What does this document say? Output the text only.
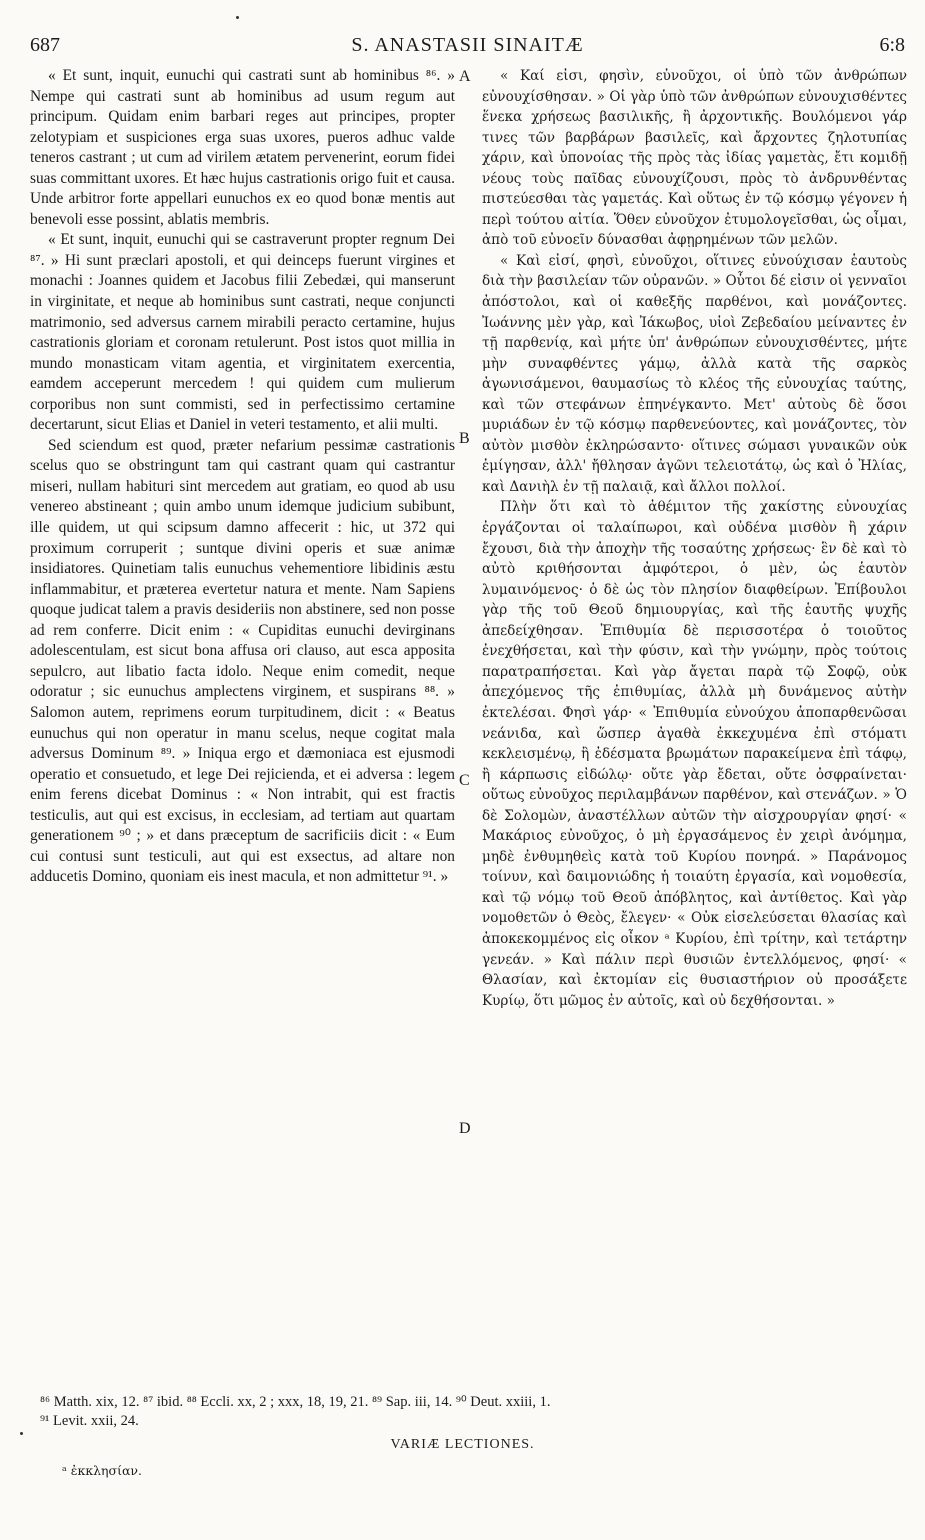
687	S. ANASTASII SINAITÆ	6:8

« Et sunt, inquit, eunuchi qui castrati sunt ab hominibus ⁸⁶. » Nempe qui castrati sunt ab hominibus ad usum regum aut principum. Quidam enim barbari reges aut principes, propter zelotypiam et suspiciones erga suas uxores, pueros adhuc valde teneros castrant ; ut cum ad virilem ætatem pervenerint, eorum fidei suas committant uxores. Et hæc hujus castrationis origo fuit et causa. Unde arbitror forte appellari eunuchos ex eo quod bonæ mentis aut benevoli esse possint, ablatis membris.

« Et sunt, inquit, eunuchi qui se castraverunt propter regnum Dei ⁸⁷. » Hi sunt præclari apostoli, et qui deinceps fuerunt virgines et monachi : Joannes quidem et Jacobus filii Zebedæi, qui manserunt in virginitate, et neque ab hominibus sunt castrati, neque conjuncti matrimonio, sed adversus carnem mirabili peracto certamine, hujus castrationis gloriam et coronam retulerunt. Post istos quot millia in mundo monasticam vitam agentia, et virginitatem exercentia, eamdem acceperunt mercedem ! qui quidem cum mulierum corporibus non sunt commisti, sed in perfectissimo certamine decertarunt, sicut Elias et Daniel in veteri testamento, et alii multi.

Sed sciendum est quod, præter nefarium pessimæ castrationis scelus quo se obstringunt tam qui castrant quam qui castrantur miseri, nullam habituri sint mercedem aut gratiam, eo quod ab usu venereo abstineant ; quin ambo unum idemque judicium subibunt, ille quidem, ut qui scipsum damno affecerit : hic, ut 372 qui proximum corruperit ; suntque divini operis et suæ animæ insidiatores. Quinetiam talis eunuchus vehementiore libidinis æstu inflammabitur, et præterea evertetur natura et mente. Nam Sapiens quoque judicat talem a pravis desideriis non abstinere, sed non posse ad rem conferre. Dicit enim : « Cupiditas eunuchi devirginans adolescentulam, est sicut bona affusa ori clauso, aut esca apposita sepulcro, aut libatio facta idolo. Neque enim comedit, neque odoratur ; sic eunuchus amplectens virginem, et suspirans ⁸⁸. » Salomon autem, reprimens eorum turpitudinem, dicit : « Beatus eunuchus qui non operatur in manu scelus, neque cogitat mala adversus Dominum ⁸⁹. » Iniqua ergo et dæmoniaca est ejusmodi operatio et consuetudo, et lege Dei rejicienda, et ei adversa : legem enim ferens dicebat Dominus : « Non intrabit, qui est fractis testiculis, aut qui est excisus, in ecclesiam, ad tertiam aut quartam generationem ⁹⁰ ; » et dans præceptum de sacrificiis dicit : « Eum cui contusi sunt testiculi, aut qui est exsectus, ad altare non adducetis Domino, quoniam eis inest macula, et non admittetur ⁹¹. »

A
B
C
D

« Καί εἰσι, φησὶν, εὐνοῦχοι, οἱ ὑπὸ τῶν ἀνθρώπων εὐνουχίσθησαν. » Οἱ γὰρ ὑπὸ τῶν ἀνθρώπων εὐνουχισθέντες ἕνεκα χρήσεως βασιλικῆς, ἢ ἀρχοντικῆς. Βουλόμενοι γάρ τινες τῶν βαρβάρων βασιλεῖς, καὶ ἄρχοντες ζηλοτυπίας χάριν, καὶ ὑπονοίας τῆς πρὸς τὰς ἰδίας γαμετὰς, ἔτι κομιδῇ νέους τοὺς παῖδας εὐνουχίζουσι, πρὸς τὸ ἀνδρυνθέντας πιστεύεσθαι τὰς γαμετάς. Καὶ οὕτως ἐν τῷ κόσμῳ γέγονεν ἡ περὶ τούτου αἰτία. Ὅθεν εὐνοῦχον ἐτυμολογεῖσθαι, ὡς οἶμαι, ἀπὸ τοῦ εὐνοεῖν δύνασθαι ἀφῃρημένων τῶν μελῶν.

« Καὶ εἰσί, φησὶ, εὐνοῦχοι, οἵτινες εὐνούχισαν ἑαυτοὺς διὰ τὴν βασιλείαν τῶν οὐρανῶν. » Οὗτοι δέ εἰσιν οἱ γενναῖοι ἀπόστολοι, καὶ οἱ καθεξῆς παρθένοι, καὶ μονάζοντες. Ἰωάννης μὲν γὰρ, καὶ Ἰάκωβος, υἱοὶ Ζεβεδαίου μείναντες ἐν τῇ παρθενίᾳ, καὶ μήτε ὑπ' ἀνθρώπων εὐνουχισθέντες, μήτε μὴν συναφθέντες γάμῳ, ἀλλὰ κατὰ τῆς σαρκὸς ἀγωνισάμενοι, θαυμασίως τὸ κλέος τῆς εὐνουχίας ταύτης, καὶ τῶν στεφάνων ἐπηνέγκαντο. Μετ' αὐτοὺς δὲ ὅσοι μυριάδων ἐν τῷ κόσμῳ παρθενεύοντες, καὶ μονάζοντες, τὸν αὐτὸν μισθὸν ἐκληρώσαντο· οἵτινες σώμασι γυναικῶν οὐκ ἐμίγησαν, ἀλλ' ἤθλησαν ἀγῶνι τελειοτάτῳ, ὡς καὶ ὁ Ἠλίας, καὶ Δανιὴλ ἐν τῇ παλαιᾷ, καὶ ἄλλοι πολλοί.

Πλὴν ὅτι καὶ τὸ ἀθέμιτον τῆς χακίστης εὐνουχίας ἐργάζονται οἱ ταλαίπωροι, καὶ οὐδένα μισθὸν ἢ χάριν ἔχουσι, διὰ τὴν ἀποχὴν τῆς τοσαύτης χρήσεως· ἓν δὲ καὶ τὸ αὐτὸ κριθήσονται ἀμφότεροι, ὁ μὲν, ὡς ἑαυτὸν λυμαινόμενος· ὁ δὲ ὡς τὸν πλησίον διαφθείρων. Ἐπίβουλοι γὰρ τῆς τοῦ Θεοῦ δημιουργίας, καὶ τῆς ἑαυτῆς ψυχῆς ἀπεδείχθησαν. Ἐπιθυμία δὲ περισσοτέρα ὁ τοιοῦτος ἐνεχθήσεται, καὶ τὴν φύσιν, καὶ τὴν γνώμην, πρὸς τούτοις παρατραπήσεται. Καὶ γὰρ ἄγεται παρὰ τῷ Σοφῷ, οὐκ ἀπεχόμενος τῆς ἐπιθυμίας, ἀλλὰ μὴ δυνάμενος αὐτὴν ἐκτελέσαι. Φησὶ γάρ· « Ἐπιθυμία εὐνούχου ἀποπαρθενῶσαι νεάνιδα, καὶ ὥσπερ ἀγαθὰ ἐκκεχυμένα ἐπὶ στόματι κεκλεισμένῳ, ἢ ἐδέσματα βρωμάτων παρακείμενα ἐπὶ τάφῳ, ἢ κάρπωσις εἰδώλῳ· οὔτε γὰρ ἔδεται, οὔτε ὀσφραίνεται· οὕτως εὐνοῦχος περιλαμβάνων παρθένον, καὶ στενάζων. » Ὁ δὲ Σολομὼν, ἀναστέλλων αὐτῶν τὴν αἰσχρουργίαν φησί· « Μακάριος εὐνοῦχος, ὁ μὴ ἐργασάμενος ἐν χειρὶ ἀνόμημα, μηδὲ ἐνθυμηθεὶς κατὰ τοῦ Κυρίου πονηρά. » Παράνομος τοίνυν, καὶ δαιμονιώδης ἡ τοιαύτη ἐργασία, καὶ νομοθεσία, καὶ τῷ νόμῳ τοῦ Θεοῦ ἀπόβλητος, καὶ ἀντίθετος. Καὶ γὰρ νομοθετῶν ὁ Θεὸς, ἔλεγεν· « Οὐκ εἰσελεύσεται θλασίας καὶ ἀποκεκομμένος εἰς οἶκον ᵃ Κυρίου, ἐπὶ τρίτην, καὶ τετάρτην γενεάν. » Καὶ πάλιν περὶ θυσιῶν ἐντελλόμενος, φησί· « Θλασίαν, καὶ ἐκτομίαν εἰς θυσιαστήριον οὐ προσάξετε Κυρίῳ, ὅτι μῶμος ἐν αὐτοῖς, καὶ οὐ δεχθήσονται. »

⁸⁶ Matth. xix, 12. ⁸⁷ ibid. ⁸⁸ Eccli. xx, 2 ; xxx, 18, 19, 21. ⁸⁹ Sap. iii, 14. ⁹⁰ Deut. xxiii, 1.
⁹¹ Levit. xxii, 24.
VARIÆ LECTIONES.
ᵃ ἐκκλησίαν.
